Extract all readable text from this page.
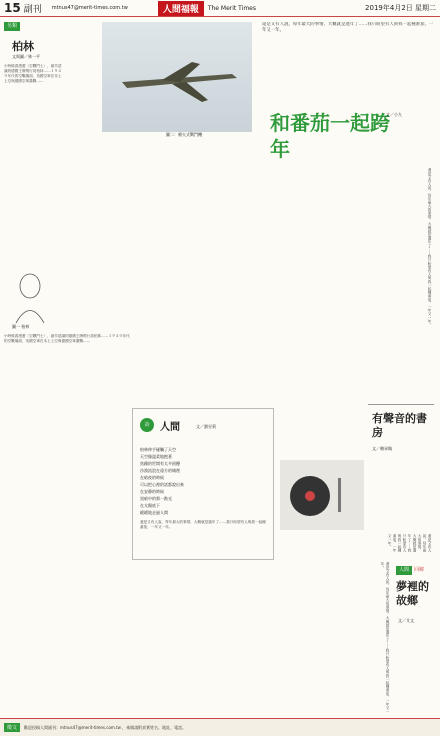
15 副刊 mtnus47@merit-times.com.tw	人間福報	The Merit Times	2019年4月2日 星期二
另類
柏林
文與圖／林一平
小時候看漫畫〈空戰鬥士〉，最早認識的德國王牌飛行員柏林……１９４０年代的空戰場面，英國空軍在本土上空與德國空軍激戰……
圖一 柏林
小時候看漫畫〈空戰鬥士〉，最早認識的德國王牌飛行員柏林……１９４０年代的空戰場面，英國空軍在本土上空與德國空軍激戰……
圖二：噴火式戰鬥機
還是又有人說，每年最大的事情，大概就是過年了……我只盼望有人與我一起種番茄，一年又一年。
和番茄一起跨年
文／小九
還是又有人說，每年最大的事情，大概就是過年了……我只盼望有人與我一起種番茄，一年又一年。
詩	人間	文／劉昱莉
柏林伸手碰觸了天空
天空像溫柔地抱著
焦躁的世間有太多困擾
沙漠流浪在遠方的城裡
在暗夜的時候
可以把心裡的話都說出來
在安靜的時候
黑暗中的那一點光
在太陽底下
緩緩地走過人間
還是又有人說，每年最大的事情，大概就是過年了……我只盼望有人與我一起種番茄，一年又一年。
有聲音的書房
文／賴承翰
還是又有人說，每年最大的事情，大概就是過年了……我只盼望有人與我一起種番茄，一年又一年。
人間	回鄉
夢裡的故鄉
文／艾文
還是又有人說，每年最大的事情，大概就是過年了……我只盼望有人與我一起種番茄，一年又一年。
徵文	歡迎投稿人間副刊：mtnus47@merit-times.com.tw ，來稿請附真實姓名、地址、電話。
